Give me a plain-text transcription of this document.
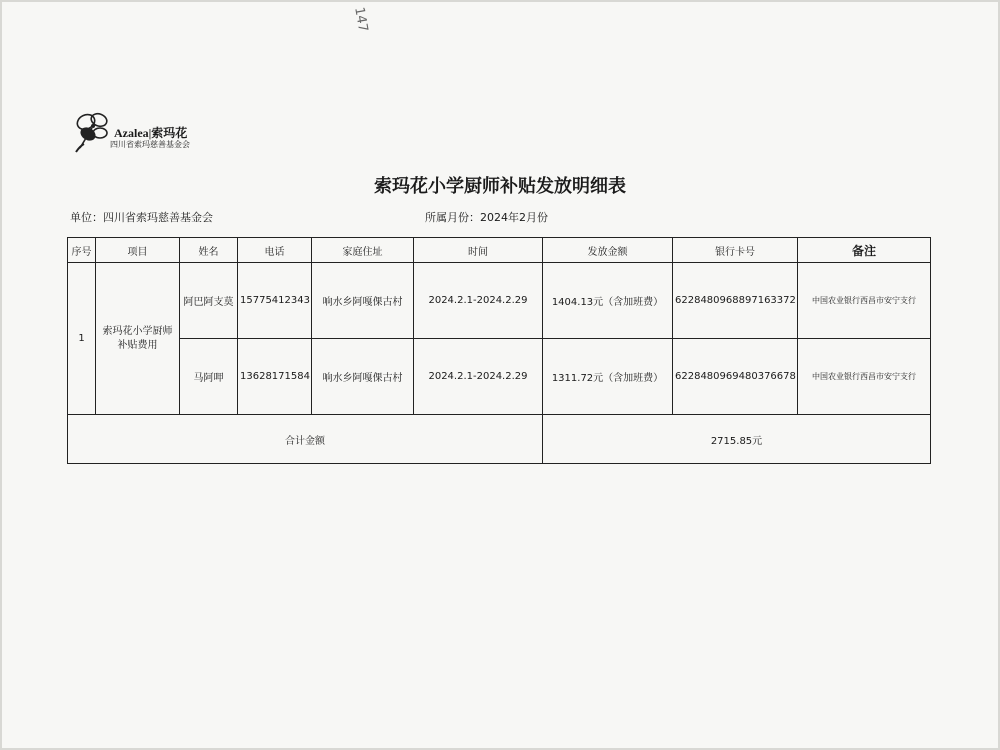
147
Azalea|索玛花
四川省索玛慈善基金会
索玛花小学厨师补贴发放明细表
单位：四川省索玛慈善基金会	所属月份：2024年2月份
序号	项目	姓名	电话	家庭住址	时间	发放金额	银行卡号	备注
1	索玛花小学厨师补贴费用	阿巴阿支莫	15775412343	响水乡阿嘎倮古村	2024.2.1-2024.2.29	1404.13元（含加班费）	6228480968897163372	中国农业银行西昌市安宁支行
		马阿呷	13628171584	响水乡阿嘎倮古村	2024.2.1-2024.2.29	1311.72元（含加班费）	6228480969480376678	中国农业银行西昌市安宁支行
合计金额						2715.85元		
